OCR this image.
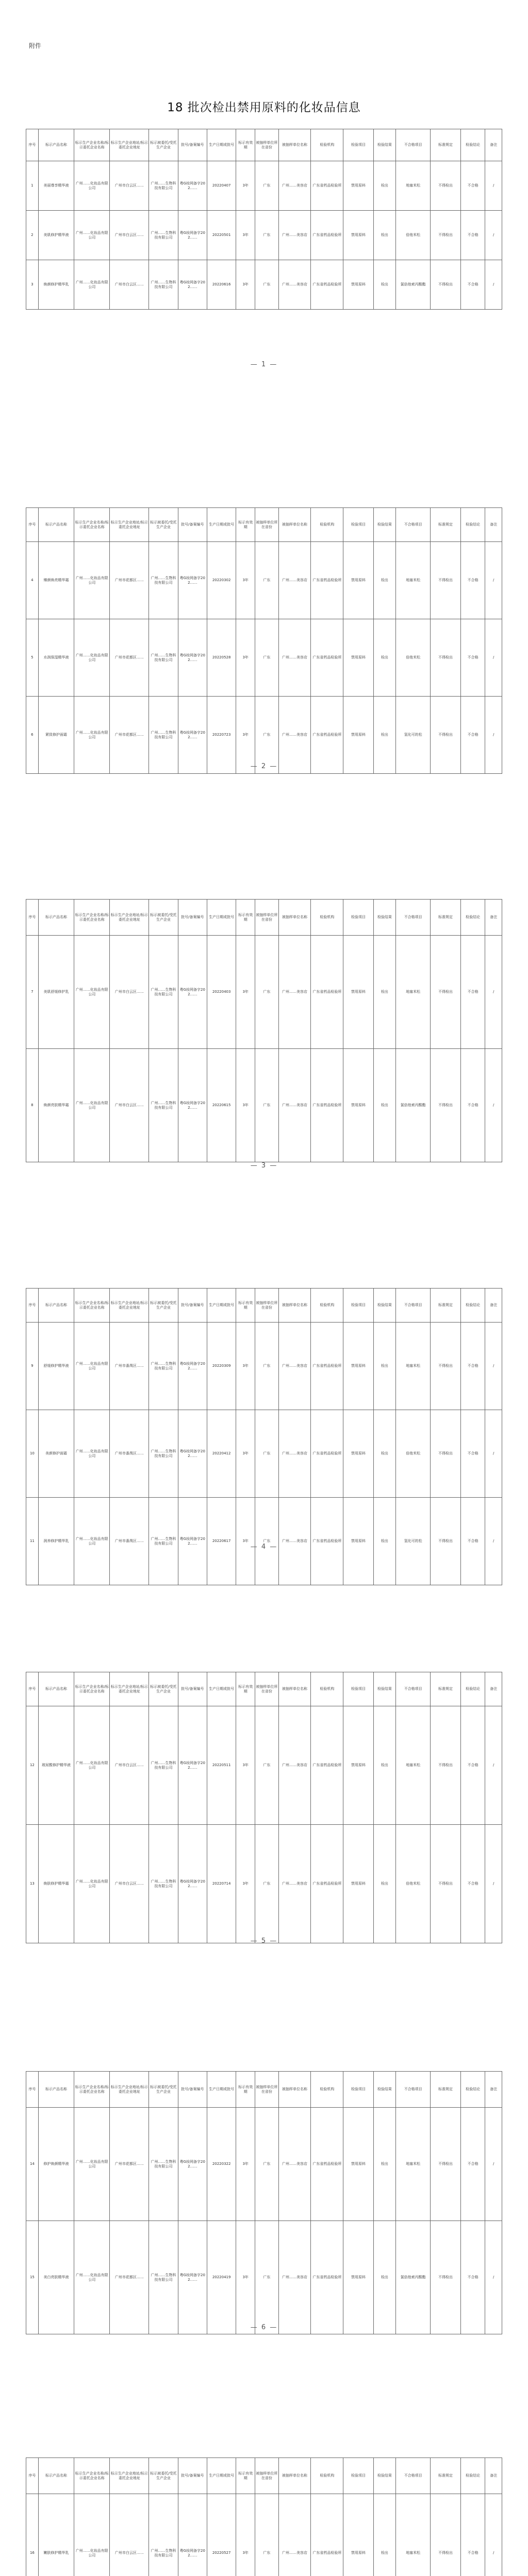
附件
18 批次检出禁用原料的化妆品信息
序号	标示产品名称	标示生产企业名称/标示委托企业名称	标示生产企业地址/标示委托企业地址	标示被委托/受托生产企业	批号/备案编号	生产日期或批号	标示有效期	被抽样单位所在省份	被抽样单位名称	检验机构	检验项目	检验结果	不合格项目	标准规定	检验结论	备注
1	美丽尊享精华液	广州……化妆品有限公司	广州市白云区……	广州……生物科技有限公司	粤G妆网备字202……	20220407	3年	广东	广州……美容店	广东省药品检验所	禁用原料	检出	地塞米松	不得检出	不合格	/
2	美肌修护精华液	广州……化妆品有限公司	广州市白云区……	广州……生物科技有限公司	粤G妆网备字202……	20220501	3年	广东	广州……美容店	广东省药品检验所	禁用原料	检出	倍他米松	不得检出	不合格	/
3	焕颜修护精华乳	广州……化妆品有限公司	广州市白云区……	广州……生物科技有限公司	粤G妆网备字202……	20220616	3年	广东	广州……美容店	广东省药品检验所	禁用原料	检出	氯倍他索丙酸酯	不得检出	不合格	/
— 1 —
序号	标示产品名称	标示生产企业名称/标示委托企业名称	标示生产企业地址/标示委托企业地址	标示被委托/受托生产企业	批号/备案编号	生产日期或批号	标示有效期	被抽样单位所在省份	被抽样单位名称	检验机构	检验项目	检验结果	不合格项目	标准规定	检验结论	备注
4	臻颜焕亮精华霜	广州……化妆品有限公司	广州市花都区……	广州……生物科技有限公司	粤G妆网备字202……	20220302	3年	广东	广州……美容店	广东省药品检验所	禁用原料	检出	地塞米松	不得检出	不合格	/
5	水润保湿精华液	广州……化妆品有限公司	广州市花都区……	广州……生物科技有限公司	粤G妆网备字202……	20220528	3年	广东	广州……美容店	广东省药品检验所	禁用原料	检出	倍他米松	不得检出	不合格	/
6	紧致修护面霜	广州……化妆品有限公司	广州市花都区……	广州……生物科技有限公司	粤G妆网备字202……	20220723	3年	广东	广州……美容店	广东省药品检验所	禁用原料	检出	氢化可的松	不得检出	不合格	/
— 2 —
序号	标示产品名称	标示生产企业名称/标示委托企业名称	标示生产企业地址/标示委托企业地址	标示被委托/受托生产企业	批号/备案编号	生产日期或批号	标示有效期	被抽样单位所在省份	被抽样单位名称	检验机构	检验项目	检验结果	不合格项目	标准规定	检验结论	备注
7	美肌舒缓修护乳	广州……化妆品有限公司	广州市白云区……	广州……生物科技有限公司	粤G妆网备字202……	20220403	3年	广东	广州……美容店	广东省药品检验所	禁用原料	检出	地塞米松	不得检出	不合格	/
8	焕颜亮肤精华霜	广州……化妆品有限公司	广州市白云区……	广州……生物科技有限公司	粤G妆网备字202……	20220615	3年	广东	广州……美容店	广东省药品检验所	禁用原料	检出	氯倍他索丙酸酯	不得检出	不合格	/
— 3 —
序号	标示产品名称	标示生产企业名称/标示委托企业名称	标示生产企业地址/标示委托企业地址	标示被委托/受托生产企业	批号/备案编号	生产日期或批号	标示有效期	被抽样单位所在省份	被抽样单位名称	检验机构	检验项目	检验结果	不合格项目	标准规定	检验结论	备注
9	舒缓修护精华液	广州……化妆品有限公司	广州市番禺区……	广州……生物科技有限公司	粤G妆网备字202……	20220309	3年	广东	广州……美容店	广东省药品检验所	禁用原料	检出	地塞米松	不得检出	不合格	/
10	美颜修护面霜	广州……化妆品有限公司	广州市番禺区……	广州……生物科技有限公司	粤G妆网备字202……	20220412	3年	广东	广州……美容店	广东省药品检验所	禁用原料	检出	倍他米松	不得检出	不合格	/
11	润养修护精华乳	广州……化妆品有限公司	广州市番禺区……	广州……生物科技有限公司	粤G妆网备字202……	20220617	3年	广东	广州……美容店	广东省药品检验所	禁用原料	检出	氢化可的松	不得检出	不合格	/
— 4 —
序号	标示产品名称	标示生产企业名称/标示委托企业名称	标示生产企业地址/标示委托企业地址	标示被委托/受托生产企业	批号/备案编号	生产日期或批号	标示有效期	被抽样单位所在省份	被抽样单位名称	检验机构	检验项目	检验结果	不合格项目	标准规定	检验结论	备注
12	玻尿酸修护精华液	广州……化妆品有限公司	广州市白云区……	广州……生物科技有限公司	粤G妆网备字202……	20220511	3年	广东	广州……美容店	广东省药品检验所	禁用原料	检出	地塞米松	不得检出	不合格	/
13	焕肤修护精华霜	广州……化妆品有限公司	广州市白云区……	广州……生物科技有限公司	粤G妆网备字202……	20220714	3年	广东	广州……美容店	广东省药品检验所	禁用原料	检出	倍他米松	不得检出	不合格	/
— 5 —
序号	标示产品名称	标示生产企业名称/标示委托企业名称	标示生产企业地址/标示委托企业地址	标示被委托/受托生产企业	批号/备案编号	生产日期或批号	标示有效期	被抽样单位所在省份	被抽样单位名称	检验机构	检验项目	检验结果	不合格项目	标准规定	检验结论	备注
14	修护焕颜精华液	广州……化妆品有限公司	广州市花都区……	广州……生物科技有限公司	粤G妆网备字202……	20220322	3年	广东	广州……美容店	广东省药品检验所	禁用原料	检出	地塞米松	不得检出	不合格	/
15	美白亮肤精华液	广州……化妆品有限公司	广州市花都区……	广州……生物科技有限公司	粤G妆网备字202……	20220419	3年	广东	广州……美容店	广东省药品检验所	禁用原料	检出	氯倍他索丙酸酯	不得检出	不合格	/
— 6 —
序号	标示产品名称	标示生产企业名称/标示委托企业名称	标示生产企业地址/标示委托企业地址	标示被委托/受托生产企业	批号/备案编号	生产日期或批号	标示有效期	被抽样单位所在省份	被抽样单位名称	检验机构	检验项目	检验结果	不合格项目	标准规定	检验结论	备注
16	嫩肤修护精华乳	广州……化妆品有限公司	广州市白云区……	广州……生物科技有限公司	粤G妆网备字202……	20220527	3年	广东	广州……美容店	广东省药品检验所	禁用原料	检出	地塞米松	不得检出	不合格	/
